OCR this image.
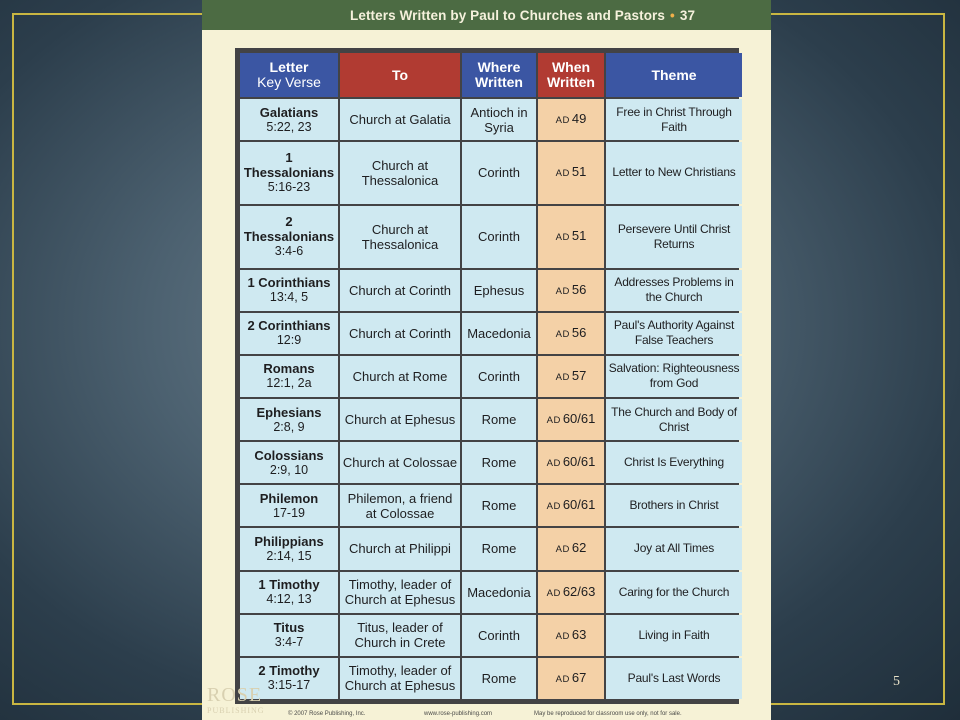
Letters Written by Paul to Churches and Pastors • 37
Letter
Key Verse	To	Where Written	When Written	Theme

Galatians
5:22, 23	Church at Galatia	Antioch in Syria	AD 49	Free in Christ Through Faith

1 Thessalonians
5:16-23	Church at Thessalonica	Corinth	AD 51	Letter to New Christians

2 Thessalonians
3:4-6	Church at Thessalonica	Corinth	AD 51	Persevere Until Christ Returns

1 Corinthians
13:4, 5	Church at Corinth	Ephesus	AD 56	Addresses Problems in the Church

2 Corinthians
12:9	Church at Corinth	Macedonia	AD 56	Paul's Authority Against False Teachers

Romans
12:1, 2a	Church at Rome	Corinth	AD 57	Salvation: Righteousness from God

Ephesians
2:8, 9	Church at Ephesus	Rome	AD 60/61	The Church and Body of Christ

Colossians
2:9, 10	Church at Colossae	Rome	AD 60/61	Christ Is Everything

Philemon
17-19	Philemon, a friend at Colossae	Rome	AD 60/61	Brothers in Christ

Philippians
2:14, 15	Church at Philippi	Rome	AD 62	Joy at All Times

1 Timothy
4:12, 13	Timothy, leader of Church at Ephesus	Macedonia	AD 62/63	Caring for the Church

Titus
3:4-7	Titus, leader of Church in Crete	Corinth	AD 63	Living in Faith

2 Timothy
3:15-17	Timothy, leader of Church at Ephesus	Rome	AD 67	Paul's Last Words
ROSE
PUBLISHING	© 2007 Rose Publishing, Inc.	www.rose-publishing.com	May be reproduced for classroom use only, not for sale.
5
